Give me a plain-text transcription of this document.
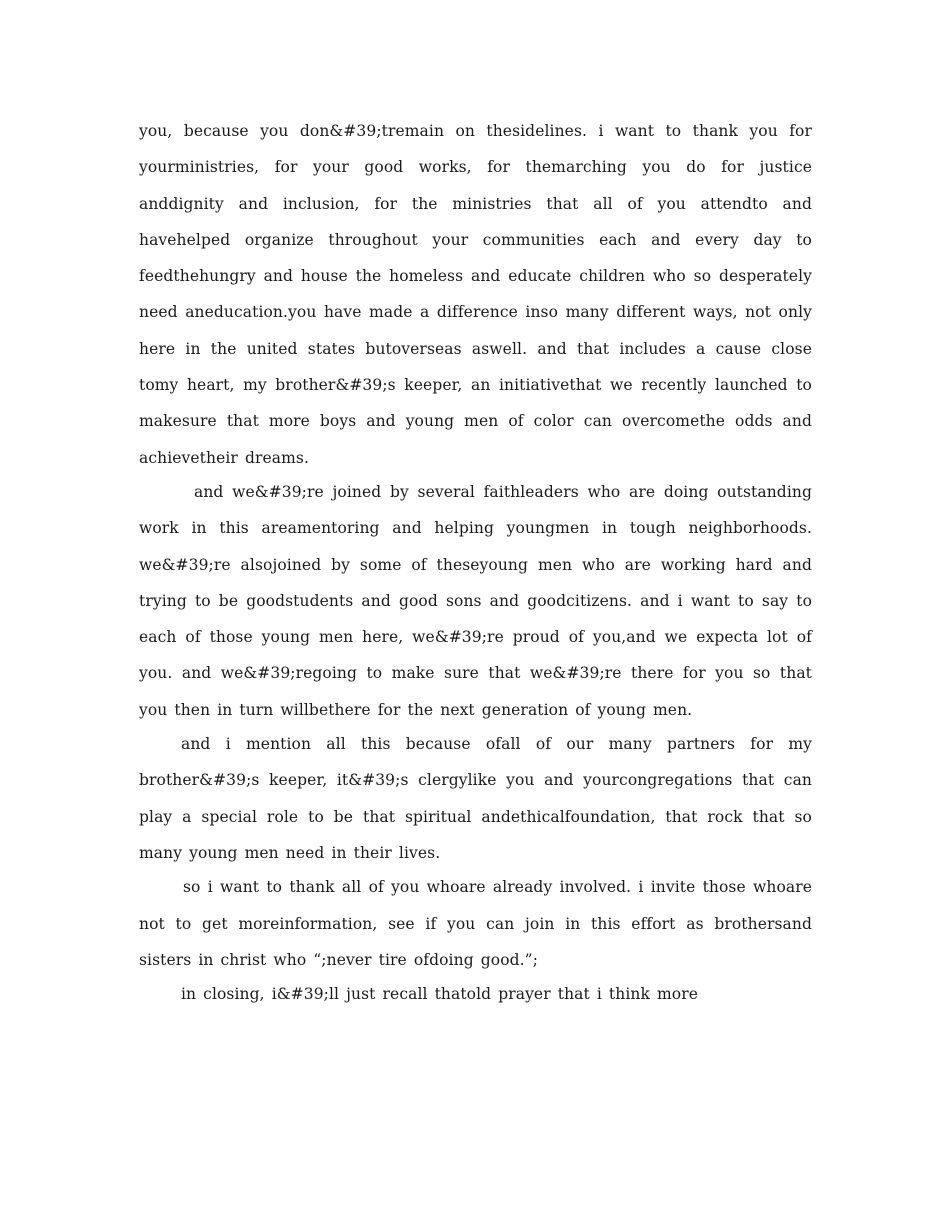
you, because you don&#39;tremain on thesidelines. i want to thank you for yourministries, for your good works, for themarching you do for justice anddignity and inclusion, for the ministries that all of you attendto and havehelped organize throughout your communities each and every day to feedthehungry and house the homeless and educate children who so desperately need aneducation.you have made a difference inso many different ways, not only here in the united states butoverseas aswell. and that includes a cause close tomy heart, my brother&#39;s keeper, an initiativethat we recently launched to makesure that more boys and young men of color can overcomethe odds and achievetheir dreams.

and we&#39;re joined by several faithleaders who are doing outstanding work in this areamentoring and helping youngmen in tough neighborhoods. we&#39;re alsojoined by some of theseyoung men who are working hard and trying to be goodstudents and good sons and goodcitizens. and i want to say to each of those young men here, we&#39;re proud of you,and we expecta lot of you. and we&#39;regoing to make sure that we&#39;re there for you so that you then in turn willbethere for the next generation of young men.

and i mention all this because ofall of our many partners for my brother&#39;s keeper, it&#39;s clergylike you and yourcongregations that can play a special role to be that spiritual andethicalfoundation, that rock that so many young men need in their lives.

so i want to thank all of you whoare already involved. i invite those whoare not to get moreinformation, see if you can join in this effort as brothersand sisters in christ who “;never tire ofdoing good.”;

in closing, i&#39;ll just recall thatold prayer that i think more
